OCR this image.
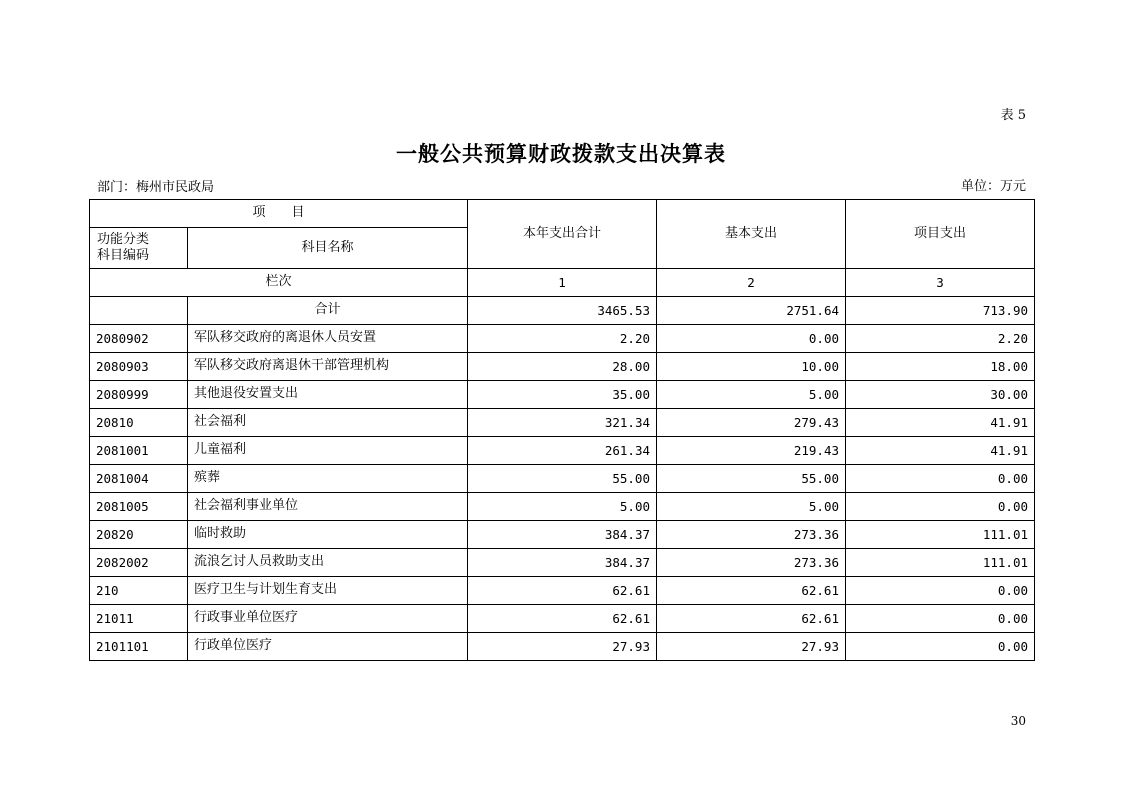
表 5
一般公共预算财政拨款支出决算表
部门：梅州市民政局	单位：万元
项　　目		本年支出合计	基本支出	项目支出

功能分类
科目编码	科目名称			
栏次		1	2	3
	合计	3465.53	2751.64	713.90
2080902	军队移交政府的离退休人员安置	2.20	0.00	2.20
2080903	军队移交政府离退休干部管理机构	28.00	10.00	18.00
2080999	其他退役安置支出	35.00	5.00	30.00
20810	社会福利	321.34	279.43	41.91
2081001	儿童福利	261.34	219.43	41.91
2081004	殡葬	55.00	55.00	0.00
2081005	社会福利事业单位	5.00	5.00	0.00
20820	临时救助	384.37	273.36	111.01
2082002	流浪乞讨人员救助支出	384.37	273.36	111.01
210	医疗卫生与计划生育支出	62.61	62.61	0.00
21011	行政事业单位医疗	62.61	62.61	0.00
2101101	行政单位医疗	27.93	27.93	0.00
30
